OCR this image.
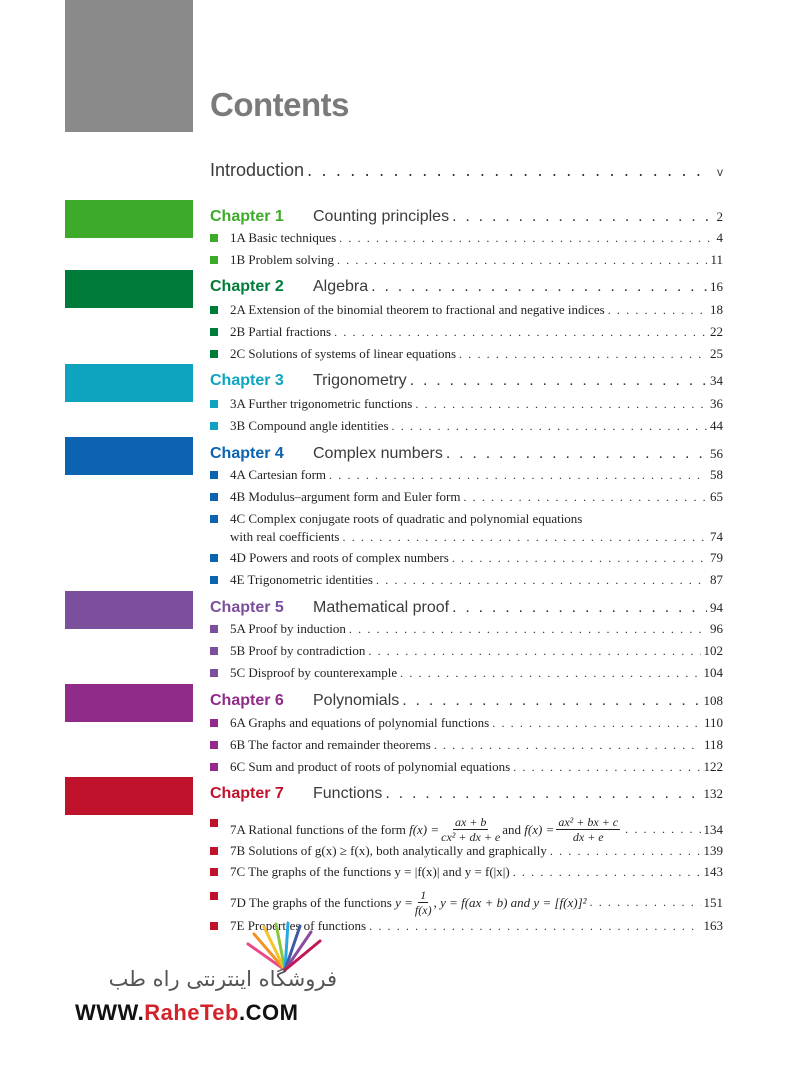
Contents
Introduction . . .	v
Chapter 1	Counting principles . . .	2
1A Basic techniques . . .	4
1B Problem solving . . .	11
Chapter 2	Algebra . . .	16
2A Extension of the binomial theorem to fractional and negative indices . . .	18
2B Partial fractions . . .	22
2C Solutions of systems of linear equations . . .	25
Chapter 3	Trigonometry . . .	34
3A Further trigonometric functions . . .	36
3B Compound angle identities . . .	44
Chapter 4	Complex numbers . . .	56
4A Cartesian form . . .	58
4B Modulus–argument form and Euler form . . .	65
4C Complex conjugate roots of quadratic and polynomial equations
with real coefficients . . .	74
4D Powers and roots of complex numbers . . .	79
4E Trigonometric identities . . .	87
Chapter 5	Mathematical proof . . .	94
5A Proof by induction . . .	96
5B Proof by contradiction . . .	102
5C Disproof by counterexample . . .	104
Chapter 6	Polynomials . . .	108
6A Graphs and equations of polynomial functions . . .	110
6B The factor and remainder theorems . . .	118
6C Sum and product of roots of polynomial equations . . .	122
Chapter 7	Functions . . .	132
7A Rational functions of the form
$f(x) = \frac{ax + b}{\text{cx² + dx + e}}$ and
$f(x) = \frac{\text{ax² + bx + c}}{dx + e}$ . . .	134
7B Solutions of g(x) ≥ f(x), both analytically and graphically . . .	139
7C The graphs of the functions y = |f(x)| and y = f(|x|) . . .	143
7D The graphs of the functions
$y = \frac{1}{f(x)}$ , y = f(ax + b) and y = [f(x)]² . . .	151
7E Properties of functions . . .	163
فروشگاه اینترنتی راه طب
WWW.RaheTeb.COM
